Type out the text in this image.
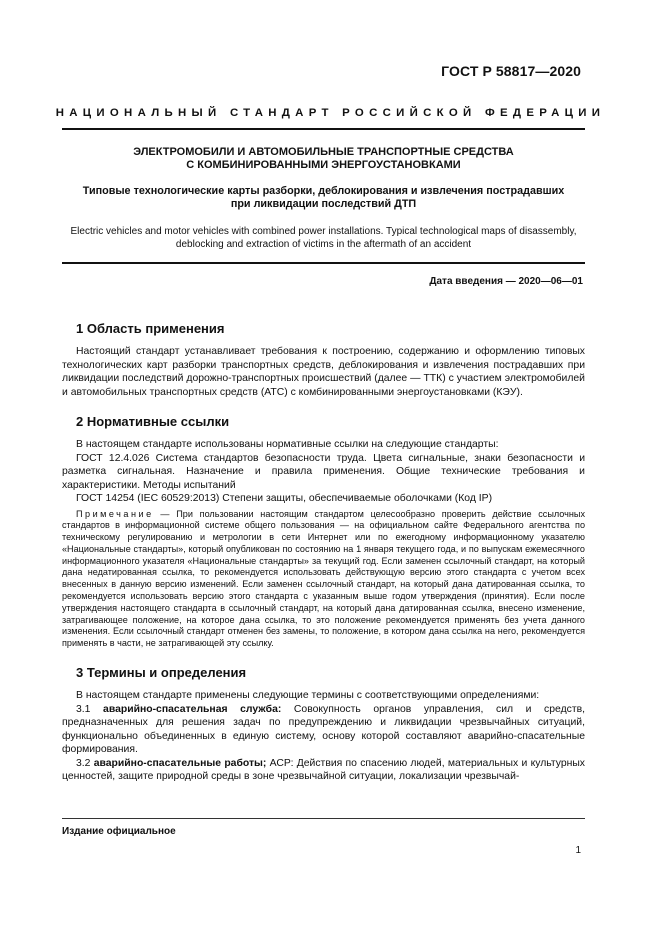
ГОСТ Р 58817—2020
НАЦИОНАЛЬНЫЙ СТАНДАРТ РОССИЙСКОЙ ФЕДЕРАЦИИ
ЭЛЕКТРОМОБИЛИ И АВТОМОБИЛЬНЫЕ ТРАНСПОРТНЫЕ СРЕДСТВА
С КОМБИНИРОВАННЫМИ ЭНЕРГОУСТАНОВКАМИ
Типовые технологические карты разборки, деблокирования и извлечения пострадавших
при ликвидации последствий ДТП
Electric vehicles and motor vehicles with combined power installations. Typical technological maps of disassembly,
deblocking and extraction of victims in the aftermath of an accident
Дата введения — 2020—06—01
1 Область применения

Настоящий стандарт устанавливает требования к построению, содержанию и оформлению типовых технологических карт разборки транспортных средств, деблокирования и извлечения пострадавших при ликвидации последствий дорожно-транспортных происшествий (далее — ТТК) с участием электромобилей и автомобильных транспортных средств (АТС) с комбинированными энергоустановками (КЭУ).

2 Нормативные ссылки

В настоящем стандарте использованы нормативные ссылки на следующие стандарты:

ГОСТ 12.4.026 Система стандартов безопасности труда. Цвета сигнальные, знаки безопасности и разметка сигнальная. Назначение и правила применения. Общие технические требования и характеристики. Методы испытаний

ГОСТ 14254 (IEC 60529:2013) Степени защиты, обеспечиваемые оболочками (Код IP)

Примечание — При пользовании настоящим стандартом целесообразно проверить действие ссылочных стандартов в информационной системе общего пользования — на официальном сайте Федерального агентства по техническому регулированию и метрологии в сети Интернет или по ежегодному информационному указателю «Национальные стандарты», который опубликован по состоянию на 1 января текущего года, и по выпускам ежемесячного информационного указателя «Национальные стандарты» за текущий год. Если заменен ссылочный стандарт, на который дана недатированная ссылка, то рекомендуется использовать действующую версию этого стандарта с учетом всех внесенных в данную версию изменений. Если заменен ссылочный стандарт, на который дана датированная ссылка, то рекомендуется использовать версию этого стандарта с указанным выше годом утверждения (принятия). Если после утверждения настоящего стандарта в ссылочный стандарт, на который дана датированная ссылка, внесено изменение, затрагивающее положение, на которое дана ссылка, то это положение рекомендуется применять без учета данного изменения. Если ссылочный стандарт отменен без замены, то положение, в котором дана ссылка на него, рекомендуется применять в части, не затрагивающей эту ссылку.

3 Термины и определения

В настоящем стандарте применены следующие термины с соответствующими определениями:

3.1 аварийно-спасательная служба: Совокупность органов управления, сил и средств, предназначенных для решения задач по предупреждению и ликвидации чрезвычайных ситуаций, функционально объединенных в единую систему, основу которой составляют аварийно-спасательные формирования.

3.2 аварийно-спасательные работы; АСР: Действия по спасению людей, материальных и культурных ценностей, защите природной среды в зоне чрезвычайной ситуации, локализации чрезвычай-

Издание официальное
1
